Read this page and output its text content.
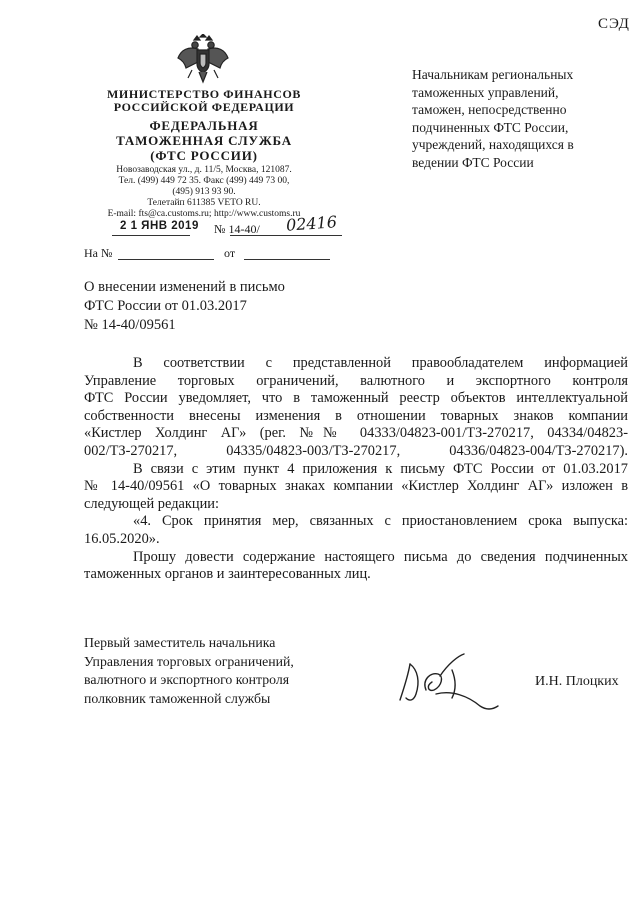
СЭД
МИНИСТЕРСТВО ФИНАНСОВ
РОССИЙСКОЙ ФЕДЕРАЦИИ
ФЕДЕРАЛЬНАЯ
ТАМОЖЕННАЯ СЛУЖБА
(ФТС РОССИИ)
Новозаводская ул., д. 11/5, Москва, 121087.
Тел. (499) 449 72 35. Факс (499) 449 73 00,
(495) 913 93 90.
Телетайп 611385 VETO RU.
E-mail: fts@ca.customs.ru; http://www.customs.ru
2 1 ЯНВ 2019 № 14-40/ 02416
На №	от
Начальникам региональных
таможенных управлений,
таможен, непосредственно
подчиненных ФТС России,
учреждений, находящихся в
ведении ФТС России
О внесении изменений в письмо
ФТС России от 01.03.2017
№ 14-40/09561
В соответствии с представленной правообладателем информацией
Управление торговых ограничений, валютного и экспортного контроля
ФТС России уведомляет, что в таможенный реестр объектов интеллектуальной
собственности внесены изменения в отношении товарных знаков компании
«Кистлер Холдинг АГ» (рег. №№ 04333/04823-001/ТЗ-270217, 04334/04823-
002/ТЗ-270217, 04335/04823-003/ТЗ-270217, 04336/04823-004/ТЗ-270217).
В связи с этим пункт 4 приложения к письму ФТС России от 01.03.2017
№ 14-40/09561 «О товарных знаках компании «Кистлер Холдинг АГ» изложен в
следующей редакции:
«4. Срок принятия мер, связанных с приостановлением срока выпуска:
16.05.2020».
Прошу довести содержание настоящего письма до сведения подчиненных
таможенных органов и заинтересованных лиц.
Первый заместитель начальника
Управления торговых ограничений,
валютного и экспортного контроля
полковник таможенной службы
И.Н. Плоцких
